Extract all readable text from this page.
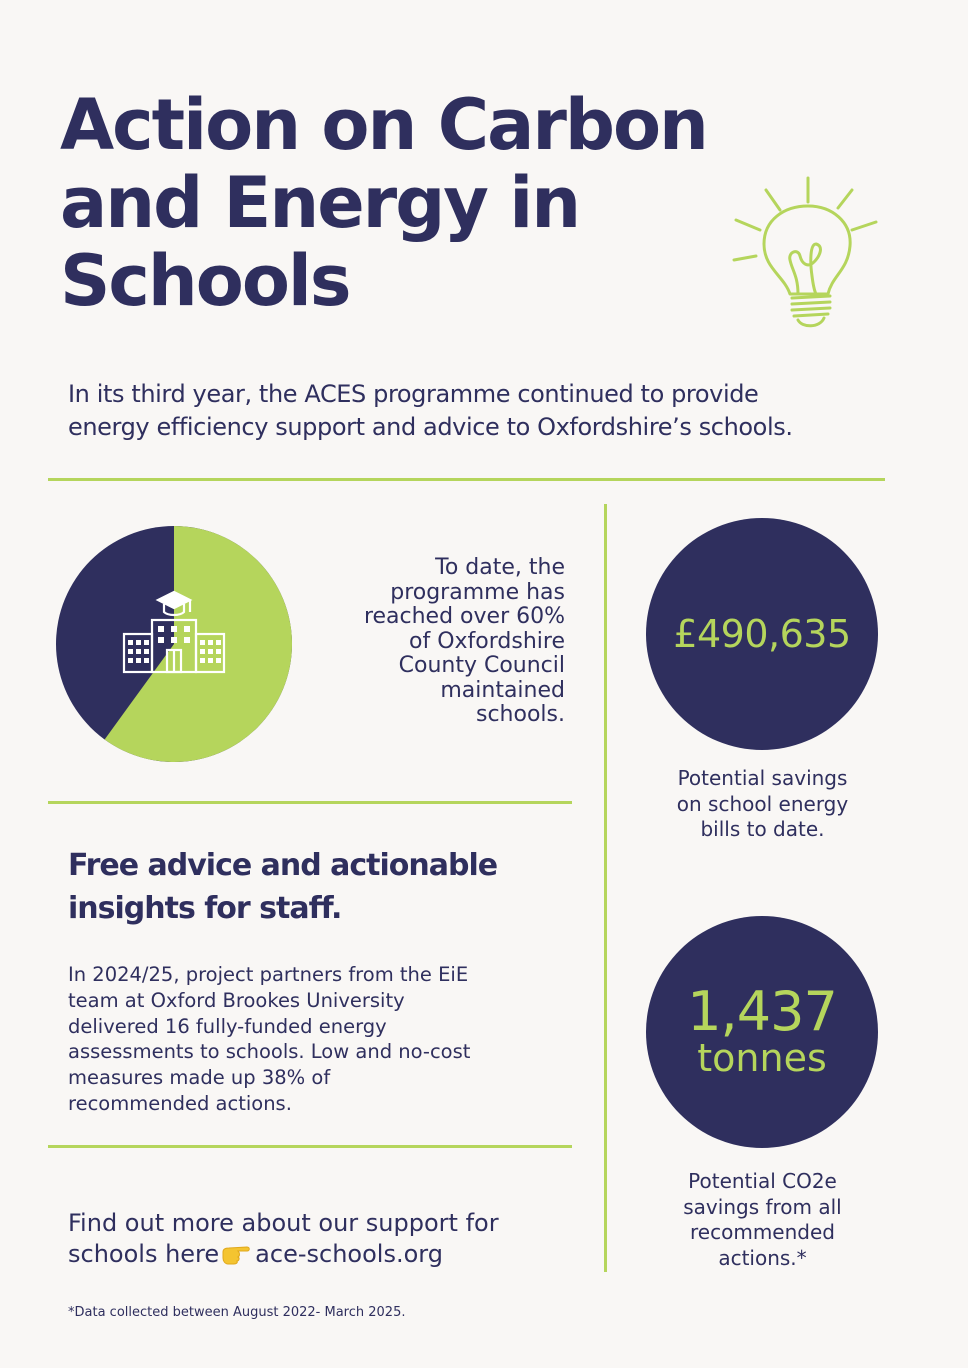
Action on Carbon
and Energy in
Schools
In its third year, the ACES programme continued to provide
energy efficiency support and advice to Oxfordshire’s schools.
To date, the
programme has
reached over 60%
of Oxfordshire
County Council
maintained
schools.
£490,635
Potential savings
on school energy
bills to date.
Free advice and actionable
insights for staff.
In 2024/25, project partners from the EiE
team at Oxford Brookes University
delivered 16 fully-funded energy
assessments to schools. Low and no-cost
measures made up 38% of
recommended actions.
1,437
tonnes
Potential CO2e
savings from all
recommended
actions.*
Find out more about our support for
schools here ace-schools.org
*Data collected between August 2022- March 2025.
